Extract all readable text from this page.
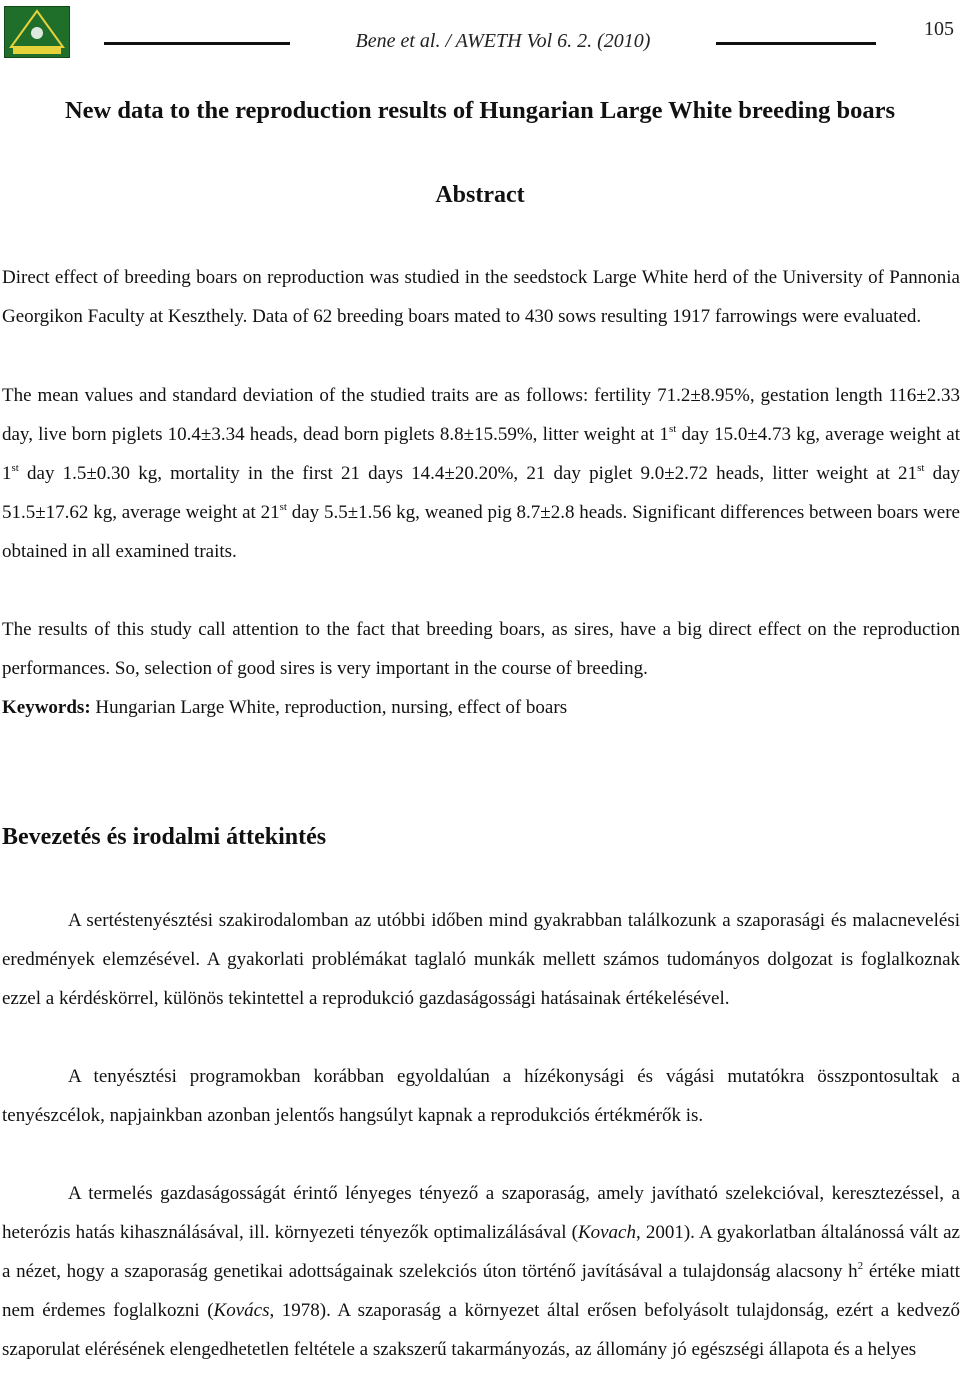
Bene et al. / AWETH Vol 6. 2. (2010)
105
New data to the reproduction results of Hungarian Large White breeding boars
Abstract

Direct effect of breeding boars on reproduction was studied in the seedstock Large White herd of the University of Pannonia Georgikon Faculty at Keszthely. Data of 62 breeding boars mated to 430 sows resulting 1917 farrowings were evaluated.

The mean values and standard deviation of the studied traits are as follows: fertility 71.2±8.95%, gestation length 116±2.33 day, live born piglets 10.4±3.34 heads, dead born piglets 8.8±15.59%, litter weight at 1st day 15.0±4.73 kg, average weight at 1st day 1.5±0.30 kg, mortality in the first 21 days 14.4±20.20%, 21 day piglet 9.0±2.72 heads, litter weight at 21st day 51.5±17.62 kg, average weight at 21st day 5.5±1.56 kg, weaned pig 8.7±2.8 heads. Significant differences between boars were obtained in all examined traits.

The results of this study call attention to the fact that breeding boars, as sires, have a big direct effect on the reproduction performances. So, selection of good sires is very important in the course of breeding.

Keywords: Hungarian Large White, reproduction, nursing, effect of boars

Bevezetés és irodalmi áttekintés

A sertéstenyésztési szakirodalomban az utóbbi időben mind gyakrabban találkozunk a szaporasági és malacnevelési eredmények elemzésével. A gyakorlati problémákat taglaló munkák mellett számos tudományos dolgozat is foglalkoznak ezzel a kérdéskörrel, különös tekintettel a reprodukció gazdaságossági hatásainak értékelésével.

A tenyésztési programokban korábban egyoldalúan a hízékonysági és vágási mutatókra összpontosultak a tenyészcélok, napjainkban azonban jelentős hangsúlyt kapnak a reprodukciós értékmérők is.

A termelés gazdaságosságát érintő lényeges tényező a szaporaság, amely javítható szelekcióval, keresztezéssel, a heterózis hatás kihasználásával, ill. környezeti tényezők optimalizálásával (Kovach, 2001). A gyakorlatban általánossá vált az a nézet, hogy a szaporaság genetikai adottságainak szelekciós úton történő javításával a tulajdonság alacsony $h^2$ értéke miatt nem érdemes foglalkozni (Kovács, 1978). A szaporaság a környezet által erősen befolyásolt tulajdonság, ezért a kedvező szaporulat elérésének elengedhetetlen feltétele a szakszerű takarmányozás, az állomány jó egészségi állapota és a helyes
